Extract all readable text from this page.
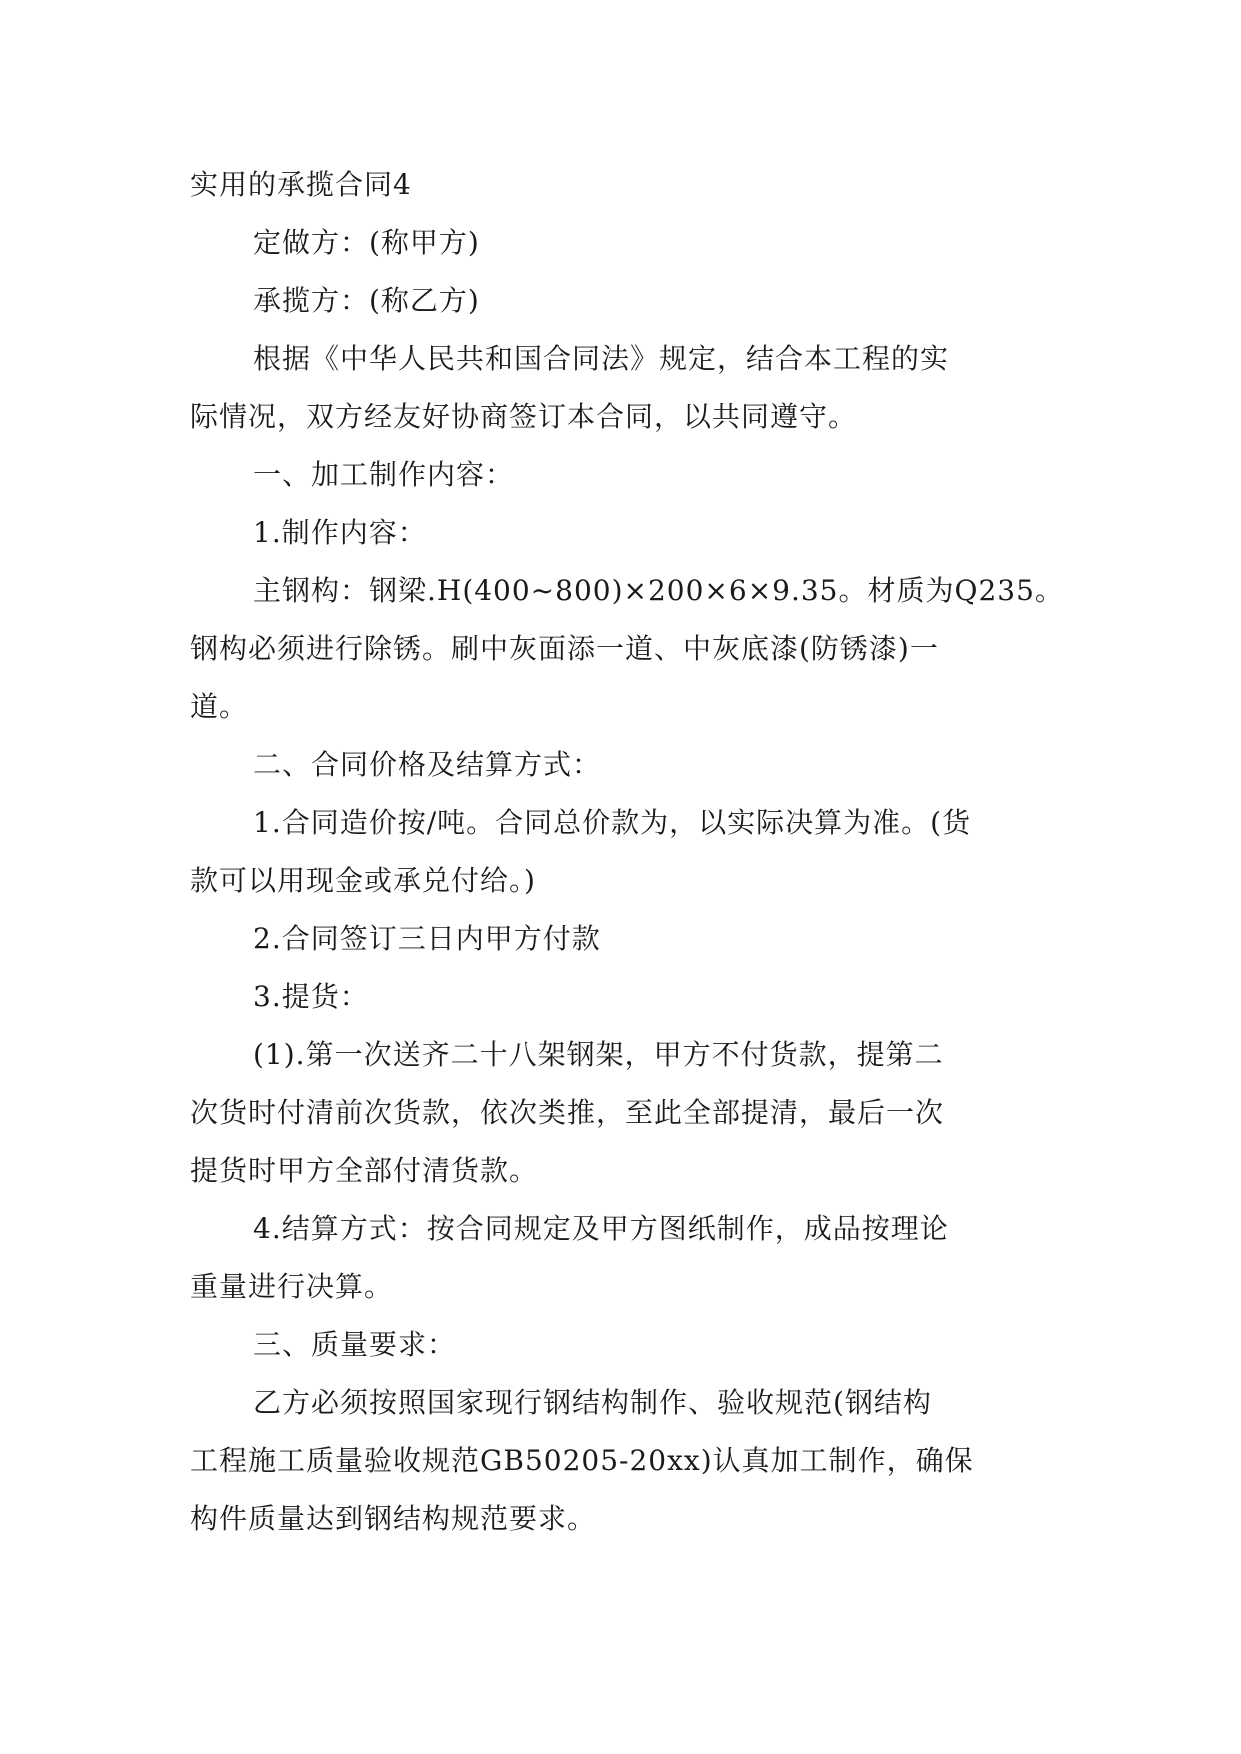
实用的承揽合同4
定做方：(称甲方)
承揽方：(称乙方)
根据《中华人民共和国合同法》规定，结合本工程的实
际情况，双方经友好协商签订本合同，以共同遵守。
一、加工制作内容：
1.制作内容：
主钢构：钢梁.H(400~800)×200×6×9.35。材质为Q235。
钢构必须进行除锈。刷中灰面添一道、中灰底漆(防锈漆)一
道。
二、合同价格及结算方式：
1.合同造价按/吨。合同总价款为，以实际决算为准。(货
款可以用现金或承兑付给。)
2.合同签订三日内甲方付款
3.提货：
(1).第一次送齐二十八架钢架，甲方不付货款，提第二
次货时付清前次货款，依次类推，至此全部提清，最后一次
提货时甲方全部付清货款。
4.结算方式：按合同规定及甲方图纸制作，成品按理论
重量进行决算。
三、质量要求：
乙方必须按照国家现行钢结构制作、验收规范(钢结构
工程施工质量验收规范GB50205-20xx)认真加工制作，确保
构件质量达到钢结构规范要求。
